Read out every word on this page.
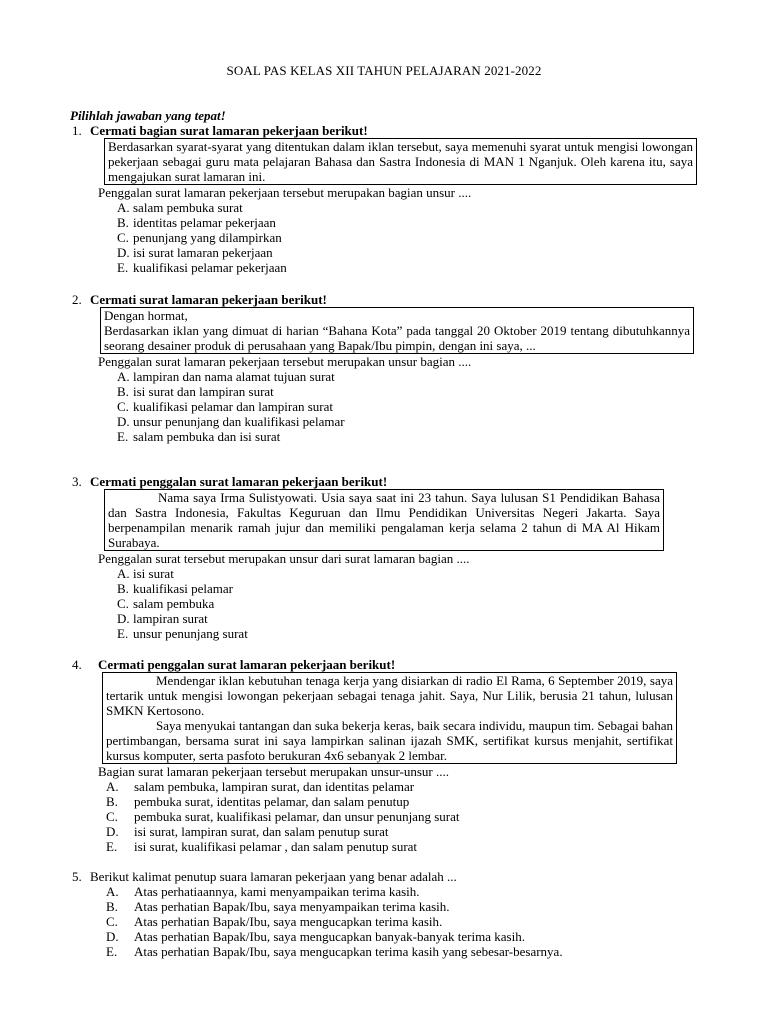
SOAL PAS KELAS XII TAHUN PELAJARAN 2021-2022
Pilihlah jawaban yang tepat!
1. Cermati bagian surat lamaran pekerjaan berikut!

Berdasarkan syarat-syarat yang ditentukan dalam iklan tersebut, saya memenuhi syarat untuk mengisi lowongan pekerjaan sebagai guru mata pelajaran Bahasa dan Sastra Indonesia di MAN 1 Nganjuk. Oleh karena itu, saya mengajukan surat lamaran ini.

Penggalan surat lamaran pekerjaan tersebut merupakan bagian unsur ....
A. salam pembuka surat
B. identitas pelamar pekerjaan
C. penunjang yang dilampirkan
D. isi surat lamaran pekerjaan
E. kualifikasi pelamar pekerjaan
2. Cermati surat lamaran pekerjaan berikut!

Dengan hormat,

Berdasarkan iklan yang dimuat di harian “Bahana Kota” pada tanggal 20 Oktober 2019 tentang dibutuhkannya seorang desainer produk di perusahaan yang Bapak/Ibu pimpin, dengan ini saya, ...

Penggalan surat lamaran pekerjaan tersebut merupakan unsur bagian ....
A. lampiran dan nama alamat tujuan surat
B. isi surat dan lampiran surat
C. kualifikasi pelamar dan lampiran surat
D. unsur penunjang dan kualifikasi pelamar
E. salam pembuka dan isi surat
3. Cermati penggalan surat lamaran pekerjaan berikut!

Nama saya Irma Sulistyowati. Usia saya saat ini 23 tahun. Saya lulusan S1 Pendidikan Bahasa dan Sastra Indonesia, Fakultas Keguruan dan Ilmu Pendidikan Universitas Negeri Jakarta. Saya berpenampilan menarik ramah jujur dan memiliki pengalaman kerja selama 2 tahun di MA Al Hikam Surabaya.

Penggalan surat tersebut merupakan unsur dari surat lamaran bagian ....
A. isi surat
B. kualifikasi pelamar
C. salam pembuka
D. lampiran surat
E. unsur penunjang surat
4.	Cermati penggalan surat lamaran pekerjaan berikut!

Mendengar iklan kebutuhan tenaga kerja yang disiarkan di radio El Rama, 6 September 2019, saya tertarik untuk mengisi lowongan pekerjaan sebagai tenaga jahit. Saya, Nur Lilik, berusia 21 tahun, lulusan SMKN Kertosono.

Saya menyukai tantangan dan suka bekerja keras, baik secara individu, maupun tim. Sebagai bahan pertimbangan, bersama surat ini saya lampirkan salinan ijazah SMK, sertifikat kursus menjahit, sertifikat kursus komputer, serta pasfoto berukuran 4x6 sebanyak 2 lembar.

Bagian surat lamaran pekerjaan tersebut merupakan unsur-unsur ....
A.	salam pembuka, lampiran surat, dan identitas pelamar
B.	pembuka surat, identitas pelamar, dan salam penutup
C.	pembuka surat, kualifikasi pelamar, dan unsur penunjang surat
D.	isi surat, lampiran surat, dan salam penutup surat
E.	isi surat, kualifikasi pelamar , dan salam penutup surat
5. Berikut kalimat penutup suara lamaran pekerjaan yang benar adalah ...
A.	Atas perhatiaannya, kami menyampaikan terima kasih.
B.	Atas perhatian Bapak/Ibu, saya menyampaikan terima kasih.
C.	Atas perhatian Bapak/Ibu, saya mengucapkan terima kasih.
D.	Atas perhatian Bapak/Ibu, saya mengucapkan banyak-banyak terima kasih.
E.	Atas perhatian Bapak/Ibu, saya mengucapkan terima kasih yang sebesar-besarnya.
